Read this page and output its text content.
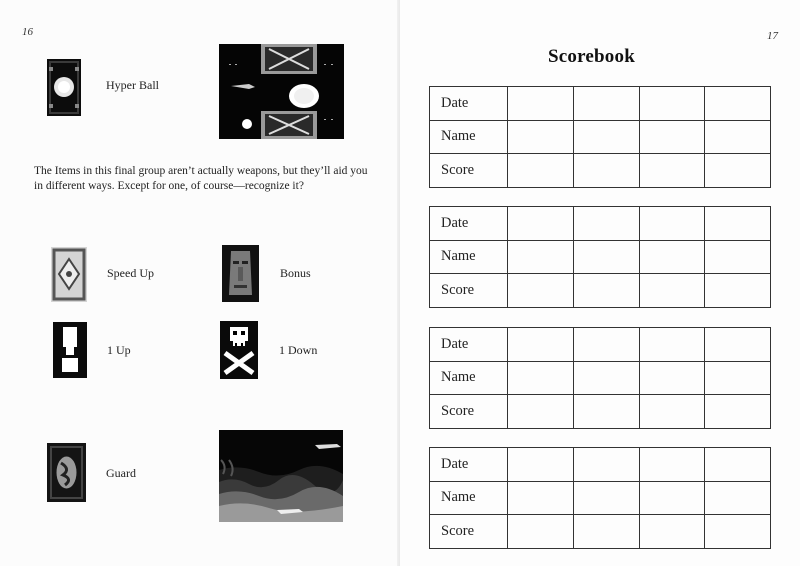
16
Hyper Ball
The Items in this final group aren’t actually weapons, but they’ll aid you in different ways. Except for one, of course—recognize it?
Speed Up	Bonus
1 Up	1 Down
Guard
17
Scorebook
Date				
Name				
Score				
Date				
Name				
Score				
Date				
Name				
Score				
Date				
Name				
Score				
